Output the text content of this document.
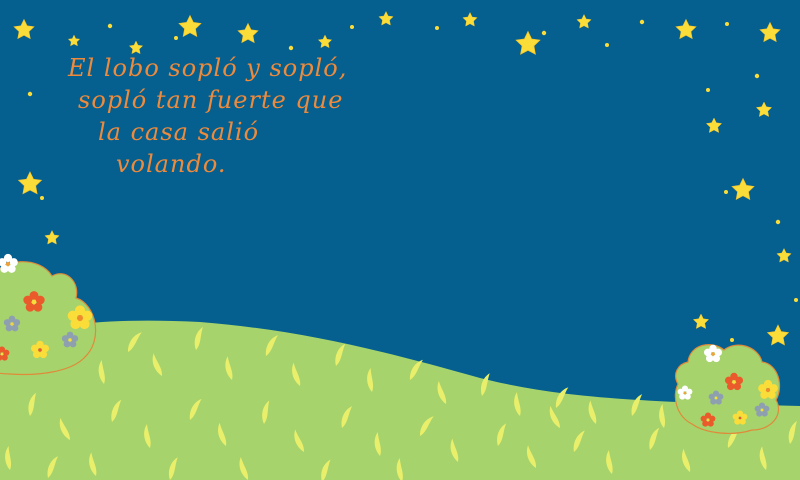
El lobo sopló y sopló,
sopló tan fuerte que
la casa salió
volando.
